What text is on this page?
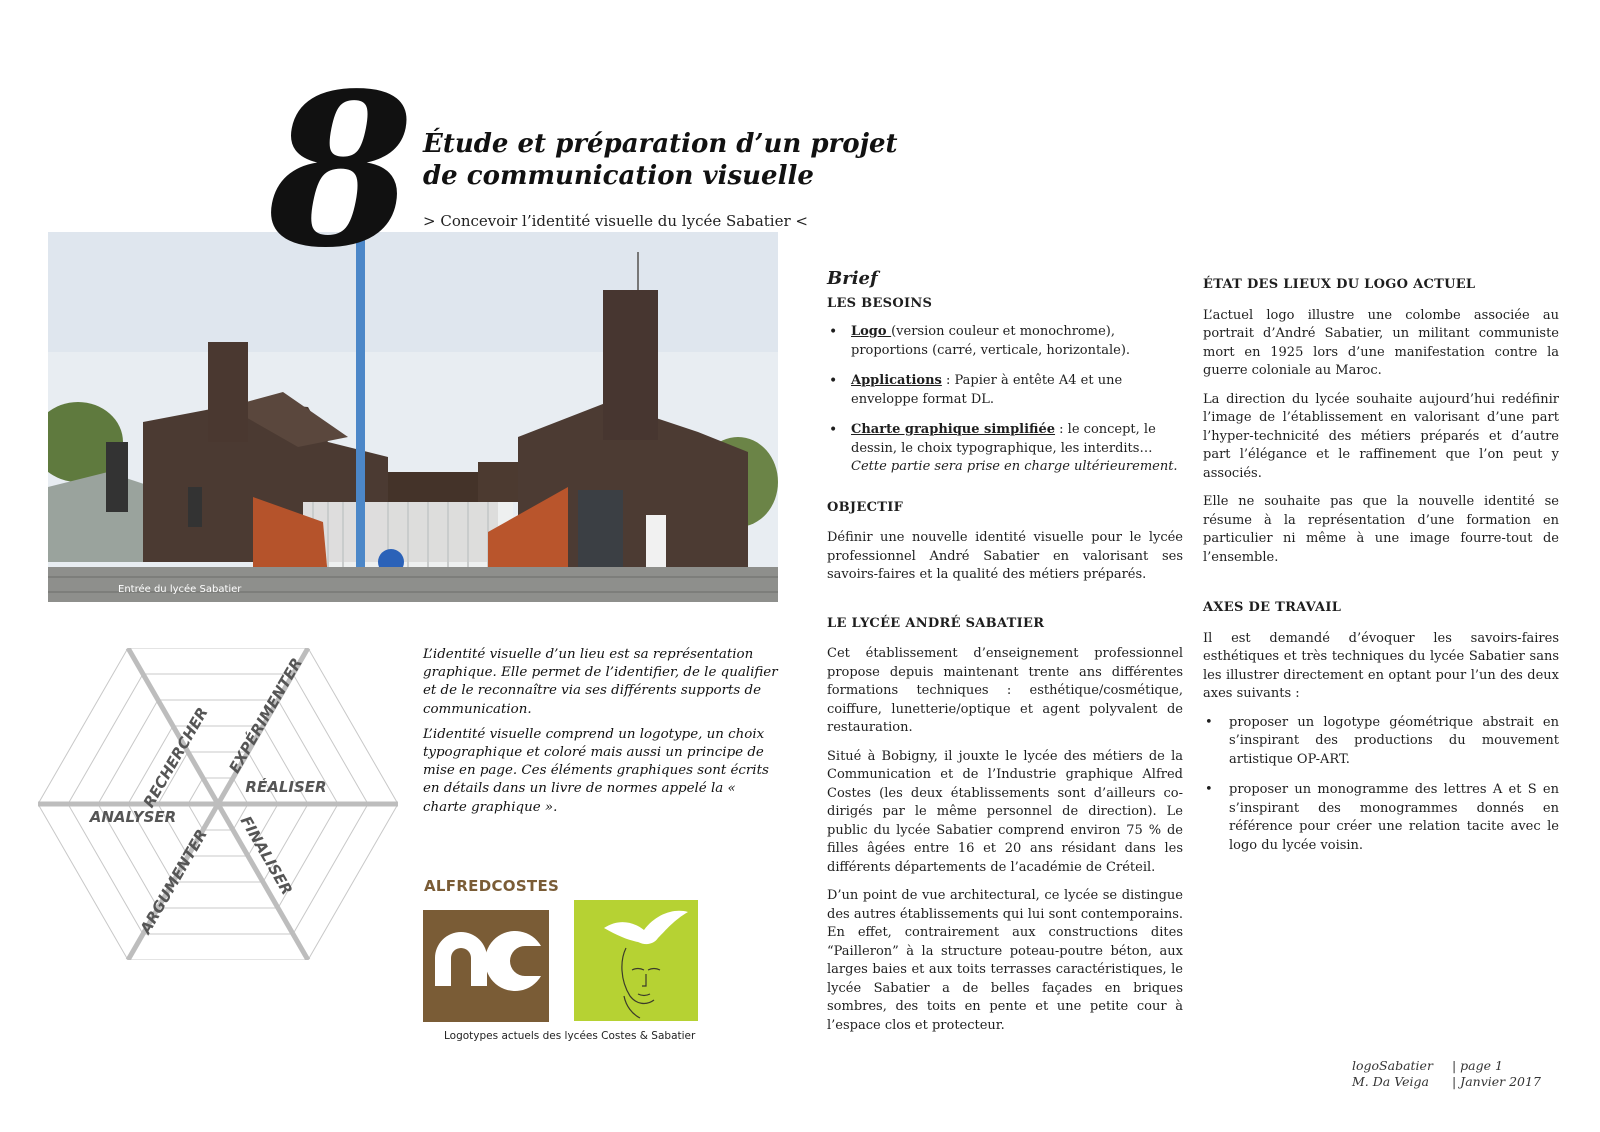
Entrée du lycée Sabatier
8 Étude et préparation d’un projet
de communication visuelle
> Concevoir l’identité visuelle du lycée Sabatier <
RECHERCHER EXPÉRIMENTER
RÉALISER
FINALISER
ARGUMENTER
ANALYSER

L’identité visuelle d’un lieu est sa représentation graphique. Elle permet de l’identifier, de le qualifier et de le reconnaître via ses différents supports de communication.

L’identité visuelle comprend un logotype, un choix typographique et coloré mais aussi un principe de mise en page. Ces éléments graphiques sont écrits en détails dans un livre de normes appelé la « charte graphique ».

ALFREDCOSTES
Logotypes actuels des lycées Costes & Sabatier
Brief
LES BESOINS
• Logo (version couleur et monochrome), proportions (carré, verticale, horizontale).
• Applications : Papier à entête A4 et une enveloppe format DL.
• Charte graphique simplifiée : le concept, le dessin, le choix typographique, les interdits…
Cette partie sera prise en charge ultérieurement.
OBJECTIF

Définir une nouvelle identité visuelle pour le lycée professionnel André Sabatier en valorisant ses savoirs-faires et la qualité des métiers préparés.

LE LYCÉE ANDRÉ SABATIER

Cet établissement d’enseignement professionnel propose depuis maintenant trente ans différentes formations techniques : esthétique/cosmétique, coiffure, lunetterie/optique et agent polyvalent de restauration.

Situé à Bobigny, il jouxte le lycée des métiers de la Communication et de l’Industrie graphique Alfred Costes (les deux établissements sont d’ailleurs co-dirigés par le même personnel de direction). Le public du lycée Sabatier comprend environ 75 % de filles âgées entre 16 et 20 ans résidant dans les différents départements de l’académie de Créteil.

D’un point de vue architectural, ce lycée se distingue des autres établissements qui lui sont contemporains. En effet, contrairement aux constructions dites “Pailleron” à la structure poteau-poutre béton, aux larges baies et aux toits terrasses caractéristiques, le lycée Sabatier a de belles façades en briques sombres, des toits en pente et une petite cour à l’espace clos et protecteur.

ÉTAT DES LIEUX DU LOGO ACTUEL

L’actuel logo illustre une colombe associée au portrait d’André Sabatier, un militant communiste mort en 1925 lors d’une manifestation contre la guerre coloniale au Maroc.

La direction du lycée souhaite aujourd’hui redéfinir l’image de l’établissement en valorisant d’une part l’hyper-technicité des métiers préparés et d’autre part l’élégance et le raffinement que l’on peut y associés.

Elle ne souhaite pas que la nouvelle identité se résume à la représentation d’une formation en particulier ni même à une image fourre-tout de l’ensemble.

AXES DE TRAVAIL

Il est demandé d’évoquer les savoirs-faires esthétiques et très techniques du lycée Sabatier sans les illustrer directement en optant pour l’un des deux axes suivants :

• proposer un logotype géométrique abstrait en s’inspirant des productions du mouvement artistique OP-ART.
• proposer un monogramme des lettres A et S en s’inspirant des monogrammes donnés en référence pour créer une relation tacite avec le logo du lycée voisin.
logoSabatier	| page 1
M. Da Veiga	| Janvier 2017
